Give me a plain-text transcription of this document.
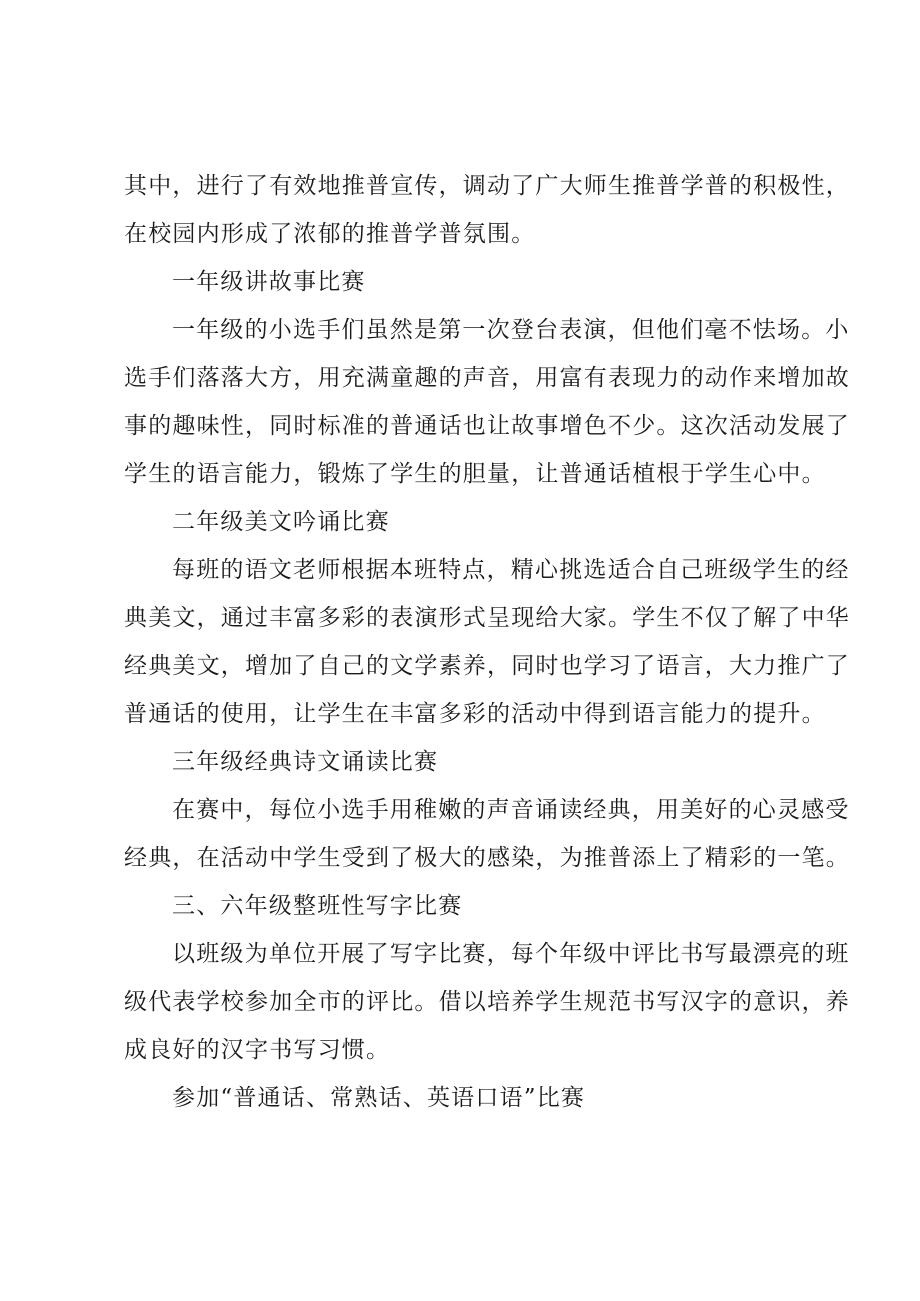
其中，进行了有效地推普宣传，调动了广大师生推普学普的积极性，
在校园内形成了浓郁的推普学普氛围。
一年级讲故事比赛
一年级的小选手们虽然是第一次登台表演，但他们毫不怯场。小
选手们落落大方，用充满童趣的声音，用富有表现力的动作来增加故
事的趣味性，同时标准的普通话也让故事增色不少。这次活动发展了
学生的语言能力，锻炼了学生的胆量，让普通话植根于学生心中。
二年级美文吟诵比赛
每班的语文老师根据本班特点，精心挑选适合自己班级学生的经
典美文，通过丰富多彩的表演形式呈现给大家。学生不仅了解了中华
经典美文，增加了自己的文学素养，同时也学习了语言，大力推广了
普通话的使用，让学生在丰富多彩的活动中得到语言能力的提升。
三年级经典诗文诵读比赛
在赛中，每位小选手用稚嫩的声音诵读经典，用美好的心灵感受
经典，在活动中学生受到了极大的感染，为推普添上了精彩的一笔。
三、六年级整班性写字比赛
以班级为单位开展了写字比赛，每个年级中评比书写最漂亮的班
级代表学校参加全市的评比。借以培养学生规范书写汉字的意识，养
成良好的汉字书写习惯。
参加“普通话、常熟话、英语口语”比赛
